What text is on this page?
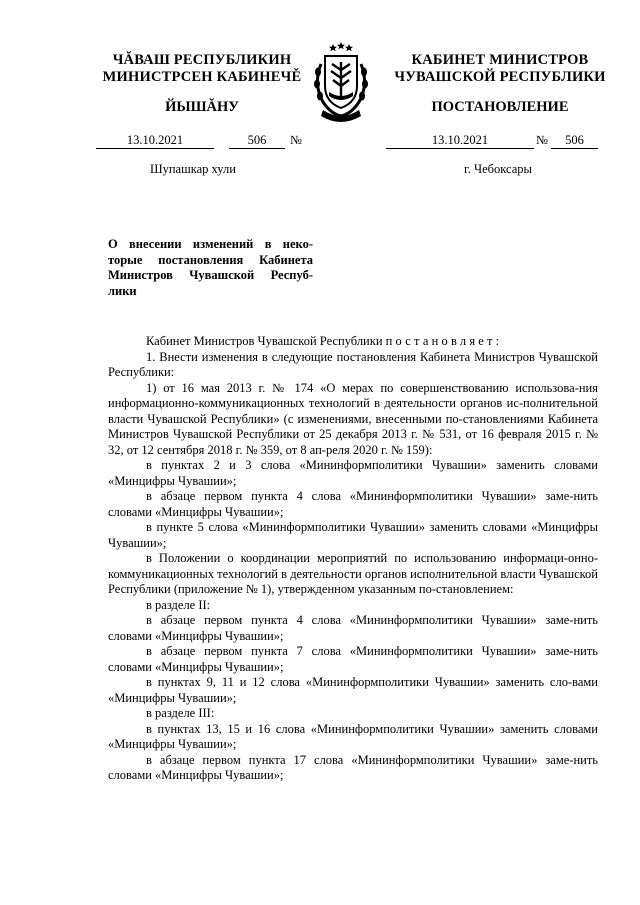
ЧĂВАШ РЕСПУБЛИКИН
МИНИСТРСЕН КАБИНЕЧĚ
ЙЫШĂНУ
КАБИНЕТ МИНИСТРОВ
ЧУВАШСКОЙ РЕСПУБЛИКИ
ПОСТАНОВЛЕНИЕ
13.10.2021	506	№	13.10.2021	№	506
Шупашкар хули	г. Чебоксары
О внесении изменений в неко-торые постановления Кабинета Министров Чувашской Респуб-лики

Кабинет Министров Чувашской Республики постановляет:

1. Внести изменения в следующие постановления Кабинета Министров Чувашской Республики:

1) от 16 мая 2013 г. № 174 «О мерах по совершенствованию использова-ния информационно-коммуникационных технологий в деятельности органов ис-полнительной власти Чувашской Республики» (с изменениями, внесенными по-становлениями Кабинета Министров Чувашской Республики от 25 декабря 2013 г. № 531, от 16 февраля 2015 г. № 32, от 12 сентября 2018 г. № 359, от 8 ап-реля 2020 г. № 159):

в пунктах 2 и 3 слова «Мининформполитики Чувашии» заменить словами «Минцифры Чувашии»;

в абзаце первом пункта 4 слова «Мининформполитики Чувашии» заме-нить словами «Минцифры Чувашии»;

в пункте 5 слова «Мининформполитики Чувашии» заменить словами «Минцифры Чувашии»;

в Положении о координации мероприятий по использованию информаци-онно-коммуникационных технологий в деятельности органов исполнительной власти Чувашской Республики (приложение № 1), утвержденном указанным по-становлением:

в разделе II:

в абзаце первом пункта 4 слова «Мининформполитики Чувашии» заме-нить словами «Минцифры Чувашии»;

в абзаце первом пункта 7 слова «Мининформполитики Чувашии» заме-нить словами «Минцифры Чувашии»;

в пунктах 9, 11 и 12 слова «Мининформполитики Чувашии» заменить сло-вами «Минцифры Чувашии»;

в разделе III:

в пунктах 13, 15 и 16 слова «Мининформполитики Чувашии» заменить словами «Минцифры Чувашии»;

в абзаце первом пункта 17 слова «Мининформполитики Чувашии» заме-нить словами «Минцифры Чувашии»;
